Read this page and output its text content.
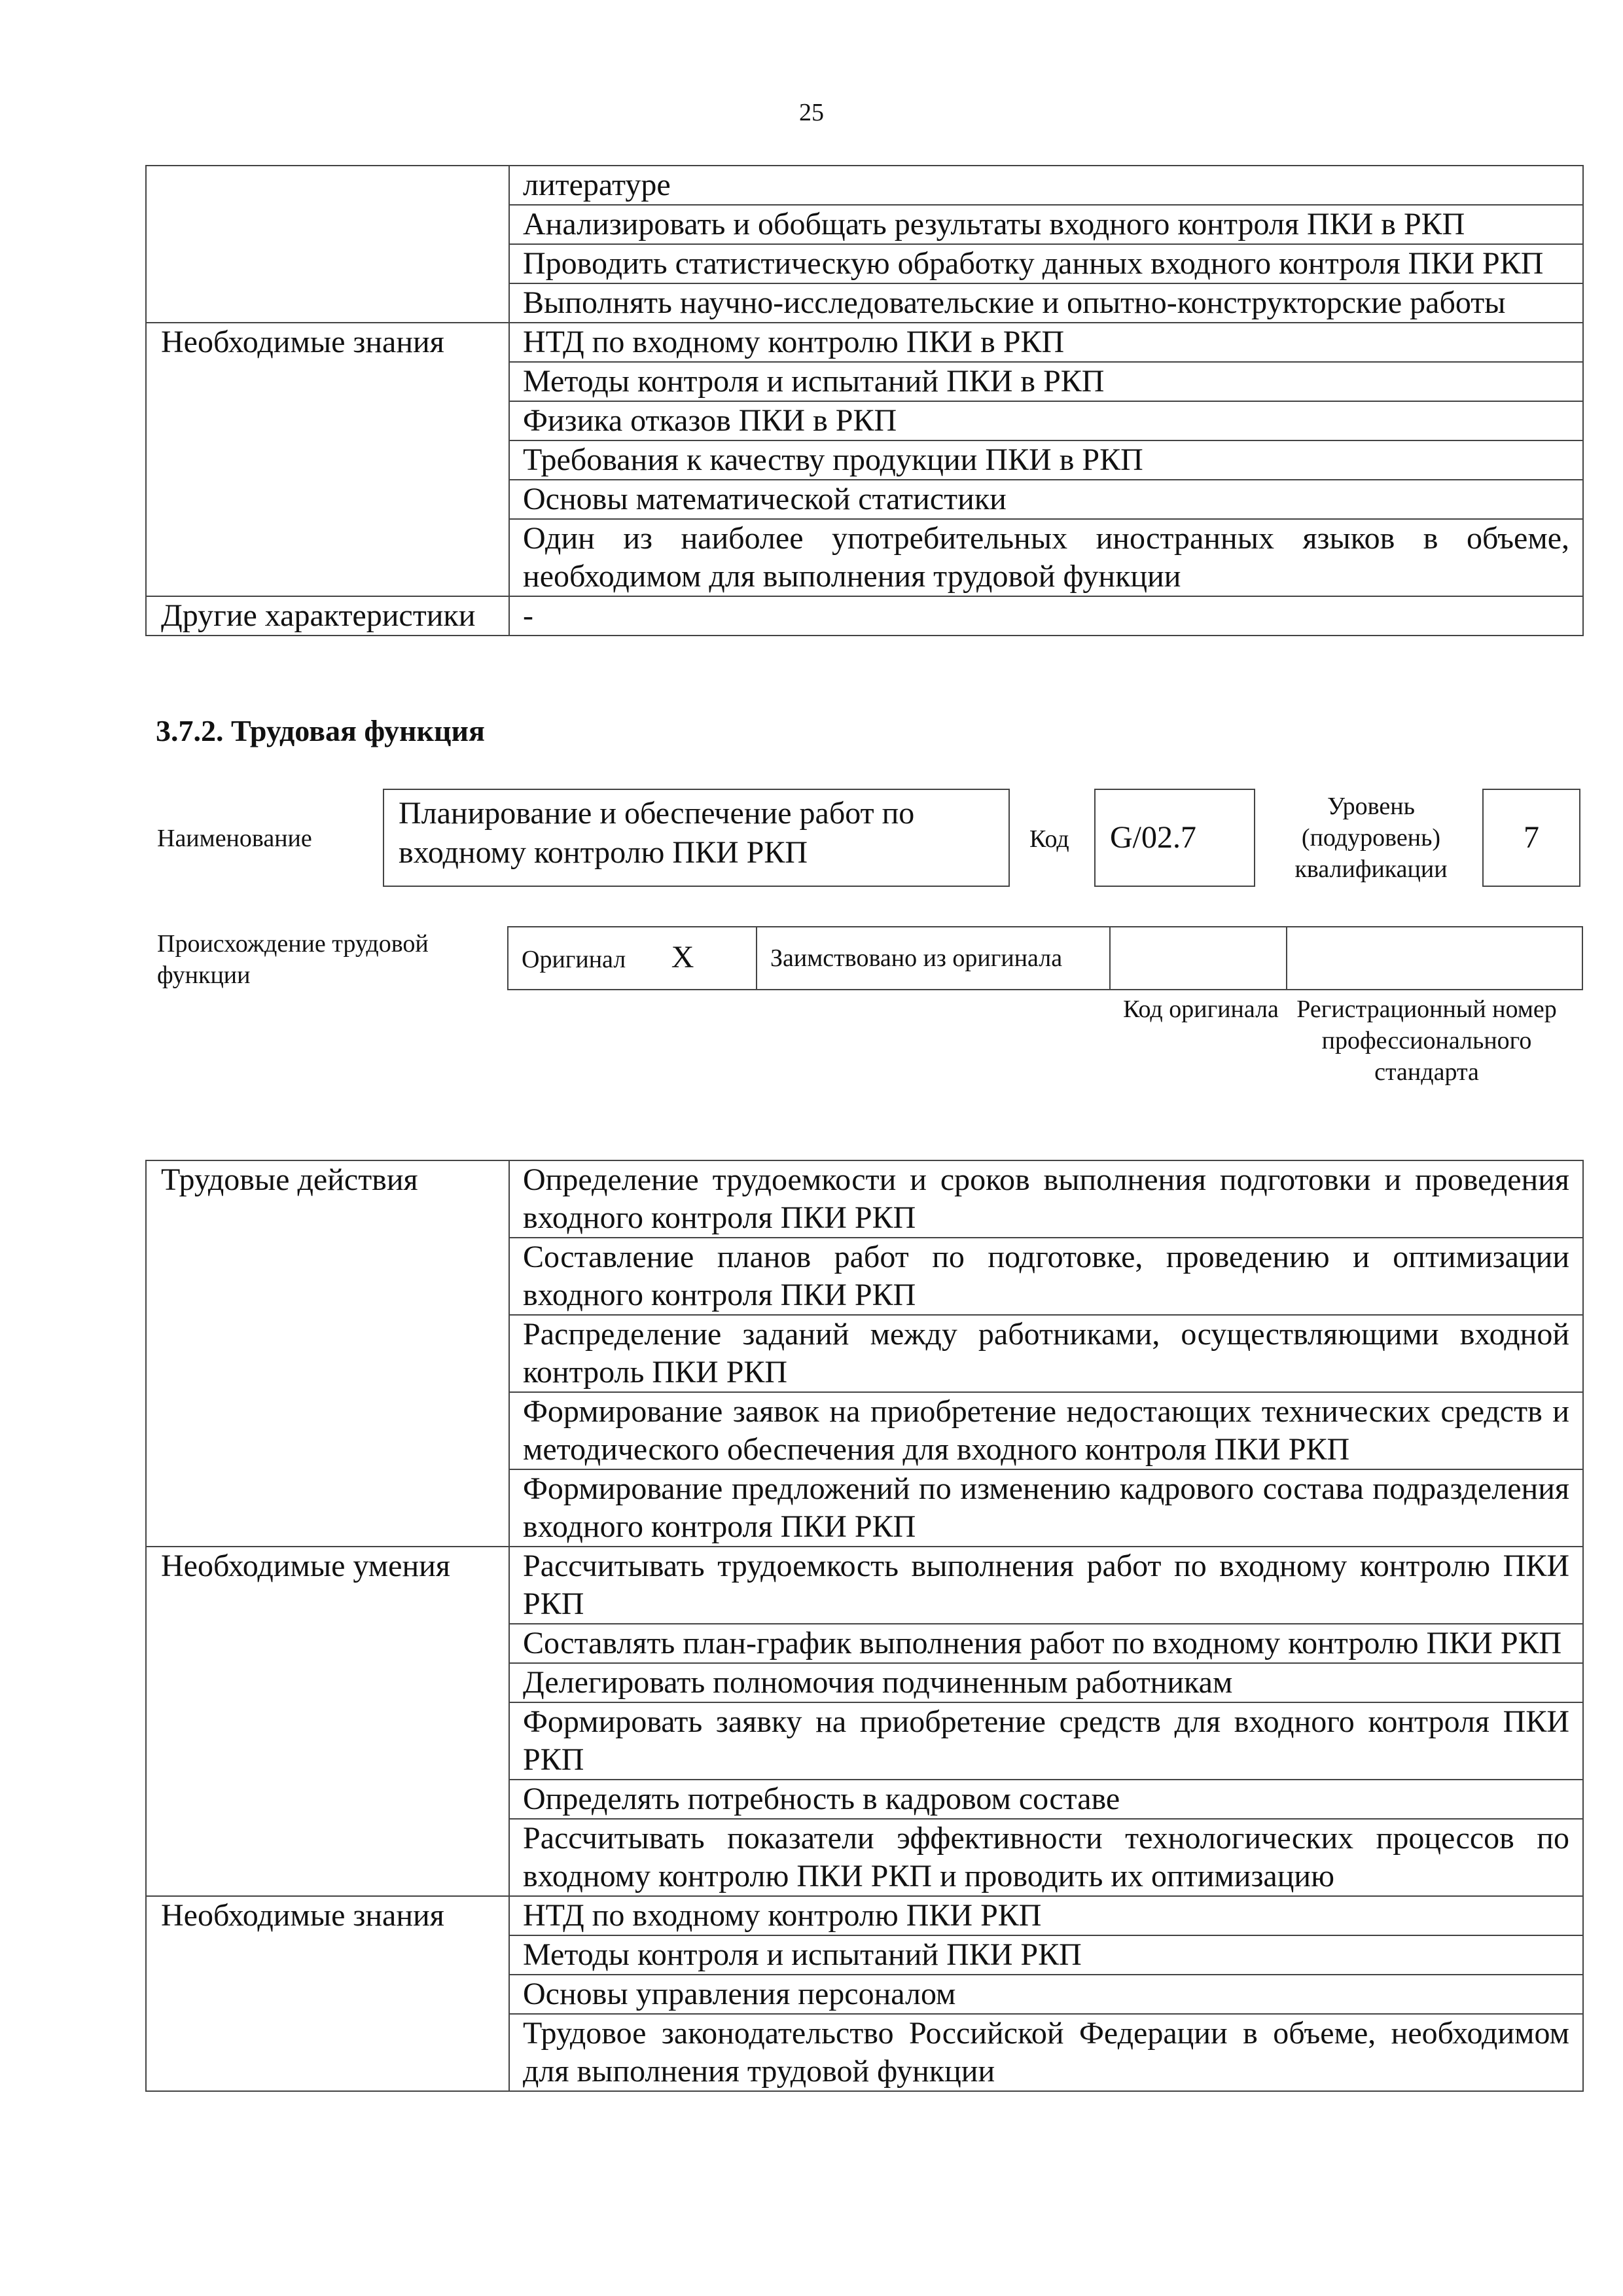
25
	литературе
	Анализировать и обобщать результаты входного контроля ПКИ в РКП
	Проводить статистическую обработку данных входного контроля ПКИ РКП
	Выполнять научно-исследовательские и опытно-конструкторские работы
Необходимые знания	НТД по входному контролю ПКИ в РКП
	Методы контроля и испытаний ПКИ в РКП
	Физика отказов ПКИ в РКП
	Требования к качеству продукции ПКИ в РКП
	Основы математической статистики
	Один из наиболее употребительных иностранных языков в объеме, необходимом для выполнения трудовой функции
Другие характеристики	-
3.7.2. Трудовая функция
Наименование
Планирование и обеспечение работ по входному контролю ПКИ РКП	Код	G/02.7
Уровень (подуровень) квалификации
7
Происхождение трудовой функции
Оригинал X	Заимствовано из оригинала		
Код оригинала Регистрационный номер профессионального стандарта
Трудовые действия	Определение трудоемкости и сроков выполнения подготовки и проведения входного контроля ПКИ РКП
	Составление планов работ по подготовке, проведению и оптимизации входного контроля ПКИ РКП
	Распределение заданий между работниками, осуществляющими входной контроль ПКИ РКП
	Формирование заявок на приобретение недостающих технических средств и методического обеспечения для входного контроля ПКИ РКП
	Формирование предложений по изменению кадрового состава подразделения входного контроля ПКИ РКП
Необходимые умения	Рассчитывать трудоемкость выполнения работ по входному контролю ПКИ РКП
	Составлять план-график выполнения работ по входному контролю ПКИ РКП
	Делегировать полномочия подчиненным работникам
	Формировать заявку на приобретение средств для входного контроля ПКИ РКП
	Определять потребность в кадровом составе
	Рассчитывать показатели эффективности технологических процессов по входному контролю ПКИ РКП и проводить их оптимизацию
Необходимые знания	НТД по входному контролю ПКИ РКП
	Методы контроля и испытаний ПКИ РКП
	Основы управления персоналом
	Трудовое законодательство Российской Федерации в объеме, необходимом для выполнения трудовой функции
